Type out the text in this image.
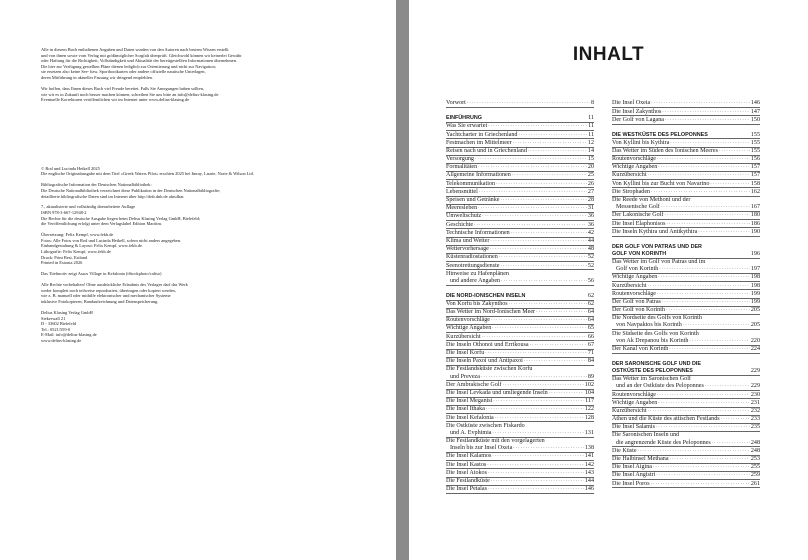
Alle in diesem Buch enthaltenen Angaben und Daten wurden von den Autoren nach bestem Wissen erstellt
und von ihnen sowie vom Verlag mit größtmöglicher Sorgfalt überprüft. Gleichwohl können wir keinerlei Gewähr
oder Haftung für die Richtigkeit, Vollständigkeit und Aktualität der bereitgestellten Informationen übernehmen.
Die hier zur Verfügung gestellten Pläne dienen lediglich zur Orientierung und nicht zur Navigation;
sie ersetzen also keine See- bzw. Sportbootkarten oder andere offizielle nautische Unterlagen,
deren Mitführung in aktueller Fassung wir dringend empfehlen.

Wir hoffen, dass Ihnen dieses Buch viel Freude bereitet. Falls Sie Anregungen haben sollten,
wie wir es in Zukunft noch besser machen können, schreiben Sie uns bitte an info@delius-klasing.de
Eventuelle Korrekturen veröffentlichen wir im Internet unter www.delius-klasing.de

© Rod und Lucinda Heikell 2025
Die englische Originalausgabe mit dem Titel »Greek Waters Pilot« erschien 2025 bei Imray, Laurie, Norie & Wilson Ltd.

Bibliografische Information der Deutschen Nationalbibliothek:
Die Deutsche Nationalbibliothek verzeichnet diese Publikation in der Deutschen Nationalbibliografie;
detaillierte bibliografische Daten sind im Internet über http://dnb.dnb.de abrufbar.

7., aktualisierte und vollständig überarbeitete Auflage
ISBN 978-3-667-12948-2
Die Rechte für die deutsche Ausgabe liegen beim Delius Klasing Verlag GmbH, Bielefeld;
die Veröffentlichung erfolgt unter dem Verlagslabel Edition Maritim.

Übersetzung: Felix Kempf, www.fekb.de
Fotos: Alle Fotos von Rod und Lucinda Heikell, sofern nicht anders angegeben.
Einbandgestaltung & Layout: Felix Kempf, www.fekb.de
Lithografie: Felix Kempf, www.fekb.de
Druck: Print Best, Estland
Printed in Estonia 2026

Das Titelmotiv zeigt Assos Village in Kefalonia (iStockphoto/caliso)

Alle Rechte vorbehalten! Ohne ausdrückliche Erlaubnis des Verlages darf das Werk
weder komplett noch teilweise reproduziert, übertragen oder kopiert werden,
wie z. B. manuell oder mithilfe elektronischer und mechanischer Systeme
inklusive Fotokopieren, Bandaufzeichnung und Datenspeicherung.

Delius Klasing Verlag GmbH
Siekerwall 21
D - 33602 Bielefeld
Tel.: 0521/559-0
E-Mail: info@delius-klasing.de
www.delius-klasing.de

INHALT
Vorwort . . .	8
EINFÜHRUNG	11
Was Sie erwartet . . .	11
Yachtcharter in Griechenland . . .	11
Festmachen im Mittelmeer . . .	12
Reisen nach und in Griechenland . . .	14
Versorgung . . .	15
Formalitäten . . .	20
Allgemeine Informationen . . .	25
Telekommunikation . . .	26
Lebensmittel . . .	27
Speisen und Getränke . . .	28
Meeresleben . . .	31
Umweltschutz . . .	36
Geschichte . . .	36
Technische Informationen . . .	42
Klima und Wetter . . .	44
Wettervorhersage . . .	48
Küstenradiostationen . . .	52
Seenotrettungsdienste . . .	52
Hinweise zu Hafenplänen
und andere Angaben . . .	56
DIE NORD-IONISCHEN INSELN	62
Von Korfu bis Zakynthos . . .	62
Das Wetter im Nord-Ionischen Meer . . .	64
Routenvorschläge . . .	64
Wichtige Angaben . . .	65
Kurzübersicht . . .	66
Die Inseln Othonoi und Errikousa . . .	67
Die Insel Korfu . . .	71
Die Inseln Paxoi und Antipaxoi . . .	84
Die Festlandsküste zwischen Korfu
und Preveza . . .	89
Der Ambrakische Golf . . .	102
Die Insel Levkada und umliegende Inseln . . .	104
Die Insel Meganisi . . .	117
Die Insel Ithaka . . .	122
Die Insel Kefalonia . . .	128
Die Ostküste zwischen Fiskardo
und A. Evphimia . . .	131
Die Festlandküste mit den vorgelagerten
Inseln bis zur Insel Oxeia . . .	138
Die Insel Kalamos . . .	141
Die Insel Kastos . . .	142
Die Insel Atokos . . .	143
Die Festlandküste . . .	144
Die Insel Petalas . . .	146
Die Insel Oxeia . . .	146
Die Insel Zakynthos . . .	147
Der Golf von Lagana . . .	150
DIE WESTKÜSTE DES PELOPONNES	155
Von Kyllini bis Kythira . . .	155
Das Wetter im Süden des Ionischen Meeres . . .	155
Routenvorschläge . . .	156
Wichtige Angaben . . .	157
Kurzübersicht . . .	157
Von Kyllini bis zur Bucht von Navarino . . .	158
Die Strophaden . . .	162
Die Reede von Methoni und der
Messenische Golf . . .	167
Der Lakonische Golf . . .	180
Die Insel Elaphonisos . . .	186
Die Inseln Kythira und Antikythira . . .	190
DER GOLF VON PATRAS UND DER
GOLF VON KORINTH	196
Das Wetter im Golf von Patras und im
Golf von Korinth . . .	197
Wichtige Angaben . . .	198
Kurzübersicht . . .	198
Routenvorschläge . . .	199
Der Golf von Patras . . .	199
Der Golf von Korinth . . .	205
Die Nordseite des Golfs von Korinth
von Navpaktos bis Korinth . . .	205
Die Südseite des Golfs von Korinth
von Ak Drepanou bis Korinth . . .	220
Der Kanal von Korinth . . .	224
DER SARONISCHE GOLF UND DIE
OSTKÜSTE DES PELOPONNES	229
Das Wetter im Saronischen Golf
und an der Ostküste des Peloponnes . . .	229
Routenvorschläge . . .	230
Wichtige Angaben . . .	231
Kurzübersicht . . .	232
Athen und die Küste des attischen Festlands . . .	233
Die Insel Salamis . . .	235
Die Saronischen Inseln und
die angrenzende Küste des Peloponnes . . .	248
Die Küste . . .	248
Die Halbinsel Methana . . .	253
Die Insel Aigina . . .	255
Die Insel Angistri . . .	259
Die Insel Poros . . .	261
